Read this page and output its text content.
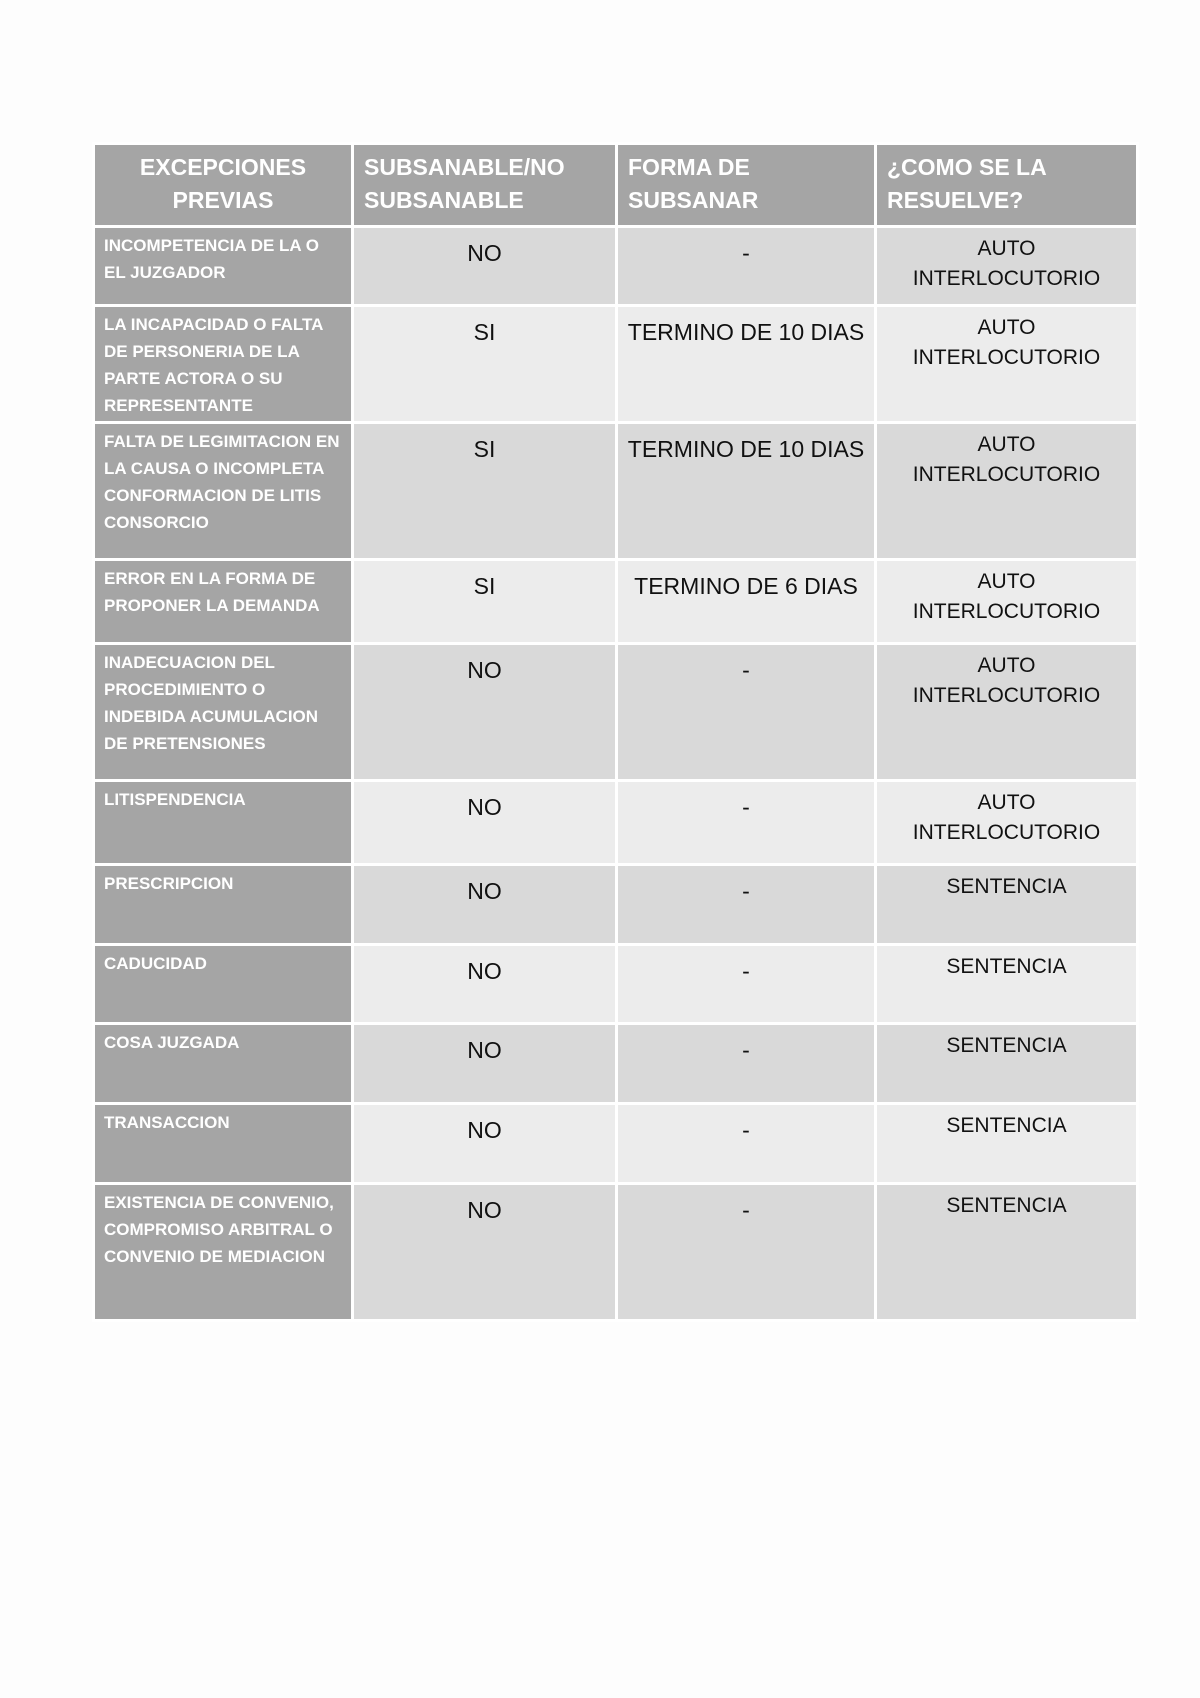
EXCEPCIONES PREVIAS	SUBSANABLE/NO SUBSANABLE	FORMA DE SUBSANAR	¿COMO SE LA RESUELVE?
INCOMPETENCIA DE LA O EL JUZGADOR	NO	-	AUTO INTERLOCUTORIO
LA INCAPACIDAD O FALTA DE PERSONERIA DE LA PARTE ACTORA O SU REPRESENTANTE	SI	TERMINO DE 10 DIAS	AUTO INTERLOCUTORIO
FALTA DE LEGIMITACION EN LA CAUSA O INCOMPLETA CONFORMACION DE LITIS CONSORCIO	SI	TERMINO DE 10 DIAS	AUTO INTERLOCUTORIO
ERROR EN LA FORMA DE PROPONER LA DEMANDA	SI	TERMINO DE 6 DIAS	AUTO INTERLOCUTORIO
INADECUACION DEL PROCEDIMIENTO O INDEBIDA ACUMULACION DE PRETENSIONES	NO	-	AUTO INTERLOCUTORIO
LITISPENDENCIA	NO	-	AUTO INTERLOCUTORIO
PRESCRIPCION	NO	-	SENTENCIA
CADUCIDAD	NO	-	SENTENCIA
COSA JUZGADA	NO	-	SENTENCIA
TRANSACCION	NO	-	SENTENCIA
EXISTENCIA DE CONVENIO, COMPROMISO ARBITRAL O CONVENIO DE MEDIACION	NO	-	SENTENCIA
